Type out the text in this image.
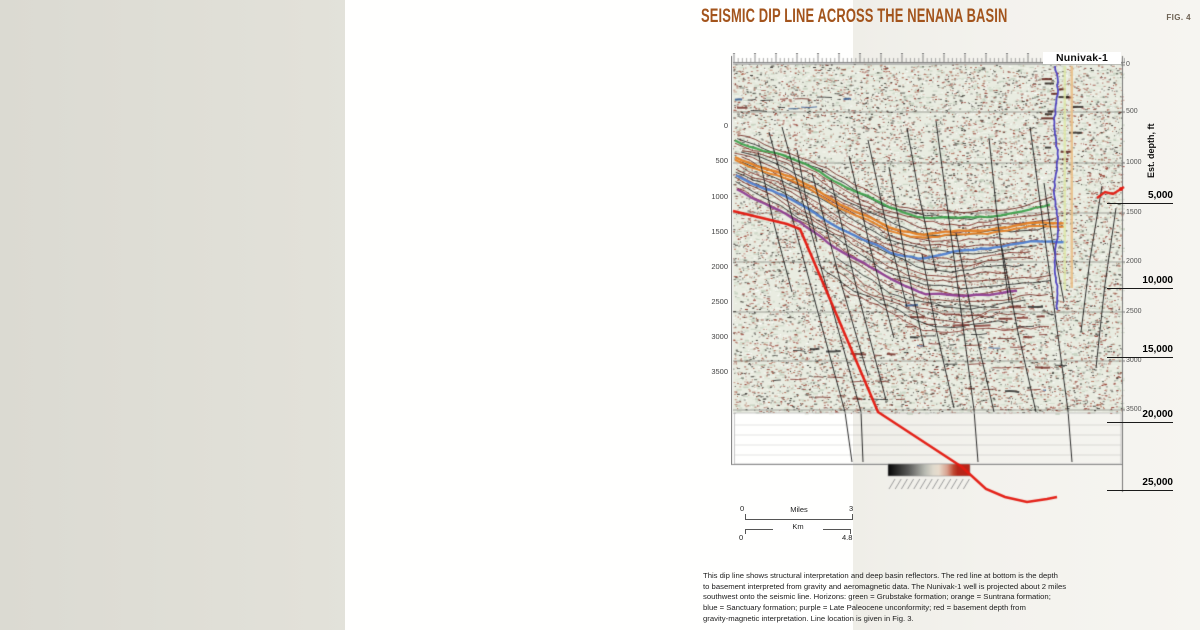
SEISMIC DIP LINE ACROSS THE NENANA BASIN	FIG. 4
Nunivak-1
0
500
1000
1500
2000
2500
3000
3500
0
500
1000
1500
2000
2500
3000
3500
5,000
10,000
15,000
20,000
25,000
Est. depth, ft
0	Miles	3
Km
0	4.8
This dip line shows structural interpretation and deep basin reflectors. The red line at bottom is the depth
to basement interpreted from gravity and aeromagnetic data. The Nunivak-1 well is projected about 2 miles
southwest onto the seismic line. Horizons: green = Grubstake formation; orange = Suntrana formation;
blue = Sanctuary formation; purple = Late Paleocene unconformity; red = basement depth from
gravity-magnetic interpretation. Line location is given in Fig. 3.
